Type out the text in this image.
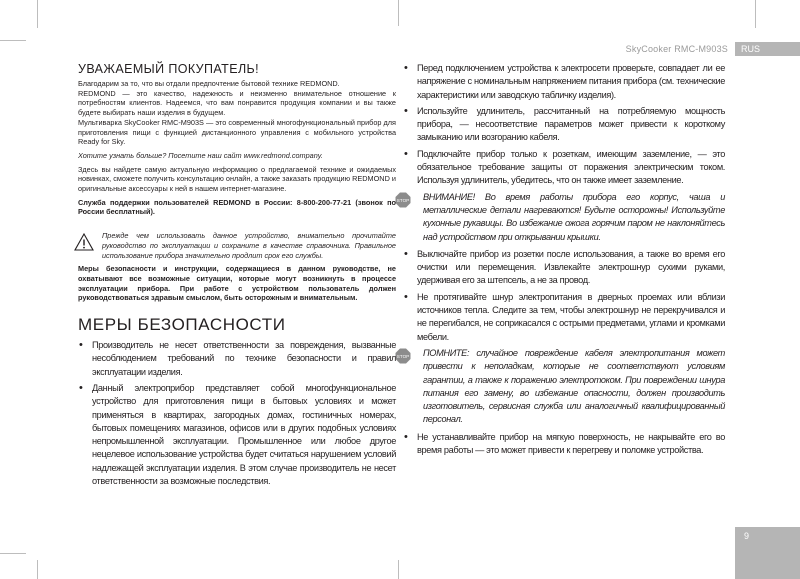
SkyCooker RMC-M903S	RUS
9
УВАЖАЕМЫЙ ПОКУПАТЕЛЬ!

Благодарим за то, что вы отдали предпочтение бытовой технике REDMOND.

REDMOND — это качество, надежность и неизменно внимательное отношение к потребностям клиентов. Надеемся, что вам понравится продукция компании и вы также будете выбирать наши изделия в будущем.

Мультиварка SkyCooker RMC-M903S — это современный многофункциональный прибор для приготовления пищи с функцией дистанционного управления с мобильного устройства Ready for Sky.

Хотите узнать больше? Посетите наш сайт www.redmond.company.

Здесь вы найдете самую актуальную информацию о предлагаемой технике и ожидаемых новинках, сможете получить консультацию онлайн, а также заказать продукцию REDMOND и оригинальные аксессуары к ней в нашем интернет-магазине.

Служба поддержки пользователей REDMOND в России: 8-800-200-77-21 (звонок по России бесплатный).

Прежде чем использовать данное устройство, внимательно прочитайте руководство по эксплуатации и сохраните в качестве справочника. Правильное использование прибора значительно продлит срок его службы.

Меры безопасности и инструкции, содержащиеся в данном руководстве, не охватывают все возможные ситуации, которые могут возникнуть в процессе эксплуатации прибора. При работе с устройством пользователь должен руководствоваться здравым смыслом, быть осторожным и внимательным.

МЕРЫ БЕЗОПАСНОСТИ
• Производитель не несет ответственности за повреждения, вызванные несоблюдением требований по технике безопасности и правил эксплуатации изделия.
• Данный электроприбор представляет собой многофункциональное устройство для приготовления пищи в бытовых условиях и может применяться в квартирах, загородных домах, гостиничных номерах, бытовых помещениях магазинов, офисов или в других подобных условиях непромышленной эксплуатации. Промышленное или любое другое нецелевое использование устройства будет считаться нарушением условий надлежащей эксплуатации изделия. В этом случае производитель не несет ответственности за возможные последствия.
• Перед подключением устройства к электросети проверьте, совпадает ли ее напряжение с номинальным напряжением питания прибора (см. технические характеристики или заводскую табличку изделия).
• Используйте удлинитель, рассчитанный на потребляемую мощность прибора, — несоответствие параметров может привести к короткому замыканию или возгоранию кабеля.
• Подключайте прибор только к розеткам, имеющим заземление, — это обязательное требование защиты от поражения электрическим током. Используя удлинитель, убедитесь, что он также имеет заземление.
STOP	ВНИМАНИЕ! Во время работы прибора его корпус, чаша и металлические детали нагреваются! Будьте осторожны! Используйте кухонные рукавицы. Во избежание ожога горячим паром не наклоняйтесь над устройством при открывании крышки.
• Выключайте прибор из розетки после использования, а также во время его очистки или перемещения. Извлекайте электрошнур сухими руками, удерживая его за штепсель, а не за провод.
• Не протягивайте шнур электропитания в дверных проемах или вблизи источников тепла. Следите за тем, чтобы электрошнур не перекручивался и не перегибался, не соприкасался с острыми предметами, углами и кромками мебели.
STOP	ПОМНИТЕ: случайное повреждение кабеля электропитания может привести к неполадкам, которые не соответствуют условиям гарантии, а также к поражению электротоком. При повреждении шнура питания его замену, во избежание опасности, должен производить изготовитель, сервисная служба или аналогичный квалифицированный персонал.
• Не устанавливайте прибор на мягкую поверхность, не накрывайте его во время работы — это может привести к перегреву и поломке устройства.
